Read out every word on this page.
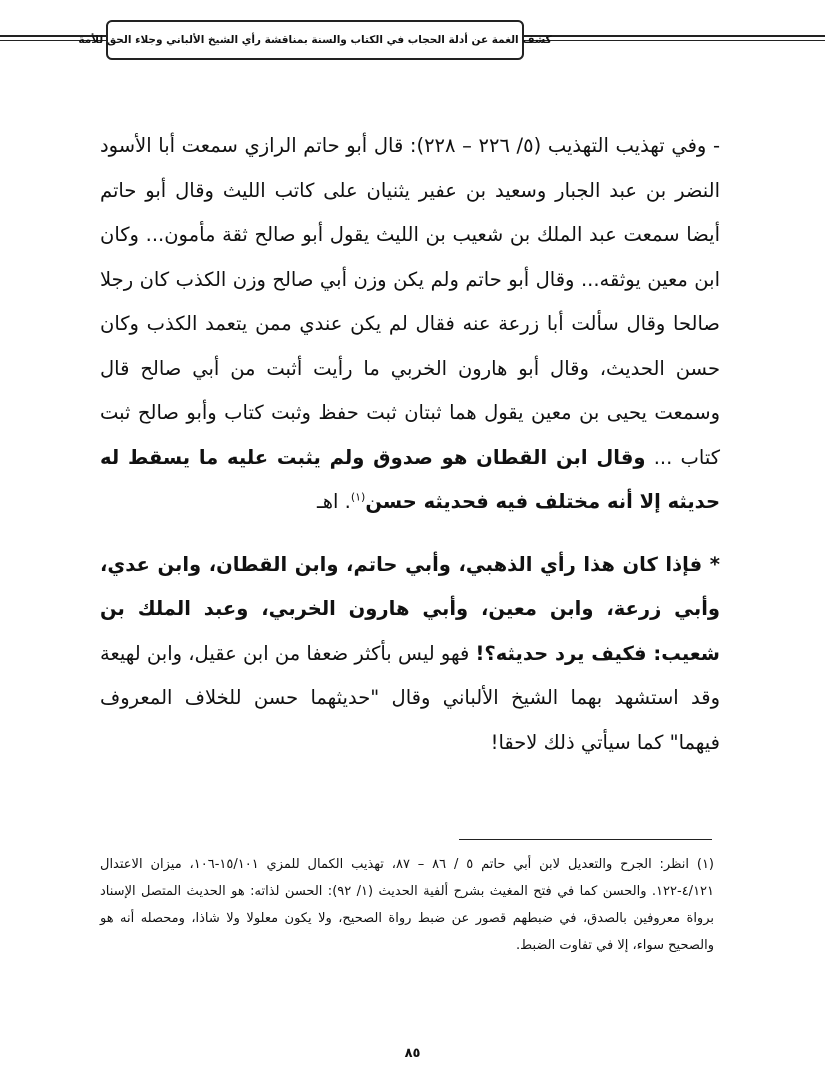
كشف الغمة عن أدلة الحجاب في الكتاب والسنة بمناقشة رأي الشيخ الألباني وجلاء الحق للأمة

- وفي تهذيب التهذيب (٥/ ٢٢٦ – ٢٢٨): قال أبو حاتم الرازي سمعت أبا الأسود النضر بن عبد الجبار وسعيد بن عفير يثنيان على كاتب الليث وقال أبو حاتم أيضا سمعت عبد الملك بن شعيب بن الليث يقول أبو صالح ثقة مأمون... وكان ابن معين يوثقه... وقال أبو حاتم ولم يكن وزن أبي صالح وزن الكذب كان رجلا صالحا وقال سألت أبا زرعة عنه فقال لم يكن عندي ممن يتعمد الكذب وكان حسن الحديث، وقال أبو هارون الخربي ما رأيت أثبت من أبي صالح قال وسمعت يحيى بن معين يقول هما ثبتان ثبت حفظ وثبت كتاب وأبو صالح ثبت كتاب ... وقال ابن القطان هو صدوق ولم يثبت عليه ما يسقط له حديثه إلا أنه مختلف فيه فحديثه حسن$^{(١)}$. اهـ

* فإذا كان هذا رأي الذهبي، وأبي حاتم، وابن القطان، وابن عدي، وأبي زرعة، وابن معين، وأبي هارون الخربي، وعبد الملك بن شعيب: فكيف يرد حديثه؟! فهو ليس بأكثر ضعفا من ابن عقيل، وابن لهيعة وقد استشهد بهما الشيخ الألباني وقال "حديثهما حسن للخلاف المعروف فيهما" كما سيأتي ذلك لاحقا!

(١) انظر: الجرح والتعديل لابن أبي حاتم ٥ / ٨٦ – ٨٧، تهذيب الكمال للمزي ١٥/١٠١-١٠٦، ميزان الاعتدال ٤/١٢١-١٢٢. والحسن كما في فتح المغيث بشرح ألفية الحديث (١/ ٩٢): الحسن لذاته: هو الحديث المتصل الإسناد برواة معروفين بالصدق، في ضبطهم قصور عن ضبط رواة الصحيح، ولا يكون معلولا ولا شاذا، ومحصله أنه هو والصحيح سواء، إلا في تفاوت الضبط.

٨٥
